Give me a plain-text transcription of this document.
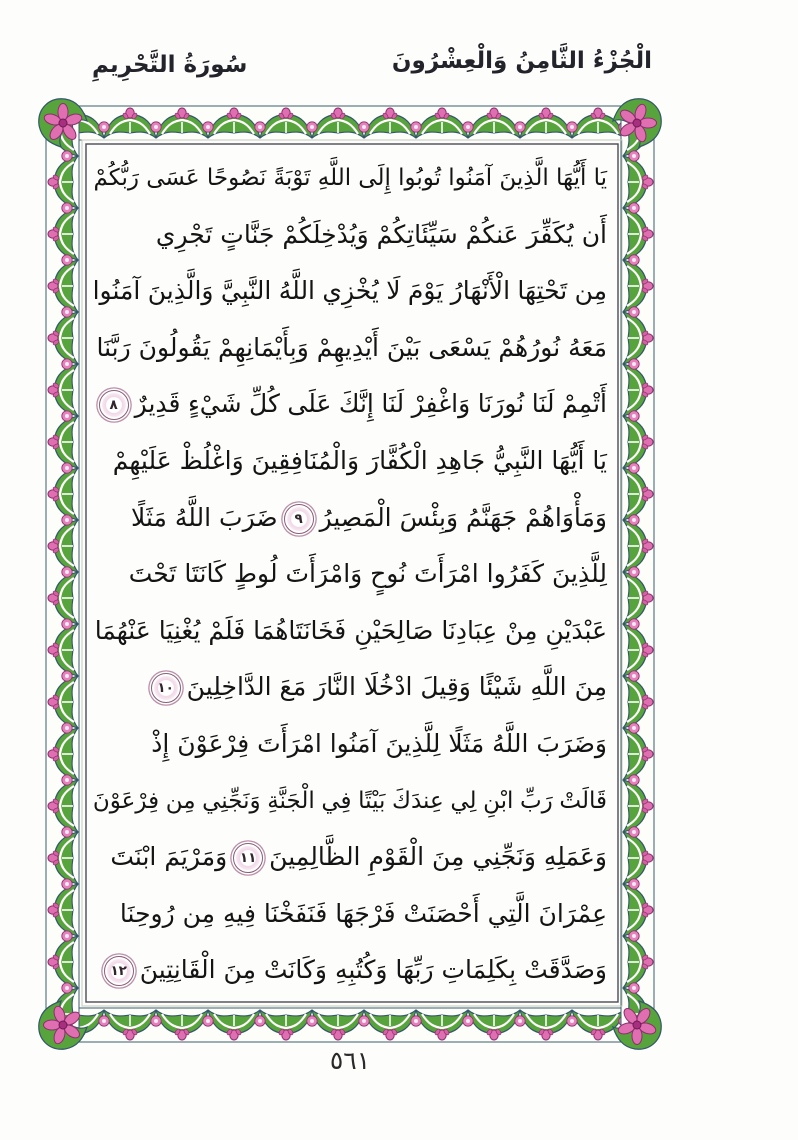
الْجُزْءُ الثَّامِنُ وَالْعِشْرُونَ
سُورَةُ التَّحْرِيمِ
يَا أَيُّهَا الَّذِينَ آمَنُوا تُوبُوا إِلَى اللَّهِ تَوْبَةً نَصُوحًا عَسَى رَبُّكُمْ
أَن يُكَفِّرَ عَنكُمْ سَيِّئَاتِكُمْ وَيُدْخِلَكُمْ جَنَّاتٍ تَجْرِي
مِن تَحْتِهَا الْأَنْهَارُ يَوْمَ لَا يُخْزِي اللَّهُ النَّبِيَّ وَالَّذِينَ آمَنُوا
مَعَهُ نُورُهُمْ يَسْعَى بَيْنَ أَيْدِيهِمْ وَبِأَيْمَانِهِمْ يَقُولُونَ رَبَّنَا
أَتْمِمْ لَنَا نُورَنَا وَاغْفِرْ لَنَا إِنَّكَ عَلَى كُلِّ شَيْءٍ قَدِيرٌ٨
يَا أَيُّهَا النَّبِيُّ جَاهِدِ الْكُفَّارَ وَالْمُنَافِقِينَ وَاغْلُظْ عَلَيْهِمْ
وَمَأْوَاهُمْ جَهَنَّمُ وَبِئْسَ الْمَصِيرُ٩ضَرَبَ اللَّهُ مَثَلًا
لِلَّذِينَ كَفَرُوا امْرَأَتَ نُوحٍ وَامْرَأَتَ لُوطٍ كَانَتَا تَحْتَ
عَبْدَيْنِ مِنْ عِبَادِنَا صَالِحَيْنِ فَخَانَتَاهُمَا فَلَمْ يُغْنِيَا عَنْهُمَا
مِنَ اللَّهِ شَيْئًا وَقِيلَ ادْخُلَا النَّارَ مَعَ الدَّاخِلِينَ١٠
وَضَرَبَ اللَّهُ مَثَلًا لِلَّذِينَ آمَنُوا امْرَأَتَ فِرْعَوْنَ إِذْ
قَالَتْ رَبِّ ابْنِ لِي عِندَكَ بَيْتًا فِي الْجَنَّةِ وَنَجِّنِي مِن فِرْعَوْنَ
وَعَمَلِهِ وَنَجِّنِي مِنَ الْقَوْمِ الظَّالِمِينَ١١وَمَرْيَمَ ابْنَتَ
عِمْرَانَ الَّتِي أَحْصَنَتْ فَرْجَهَا فَنَفَخْنَا فِيهِ مِن رُوحِنَا
وَصَدَّقَتْ بِكَلِمَاتِ رَبِّهَا وَكُتُبِهِ وَكَانَتْ مِنَ الْقَانِتِينَ١٢
٥٦١
